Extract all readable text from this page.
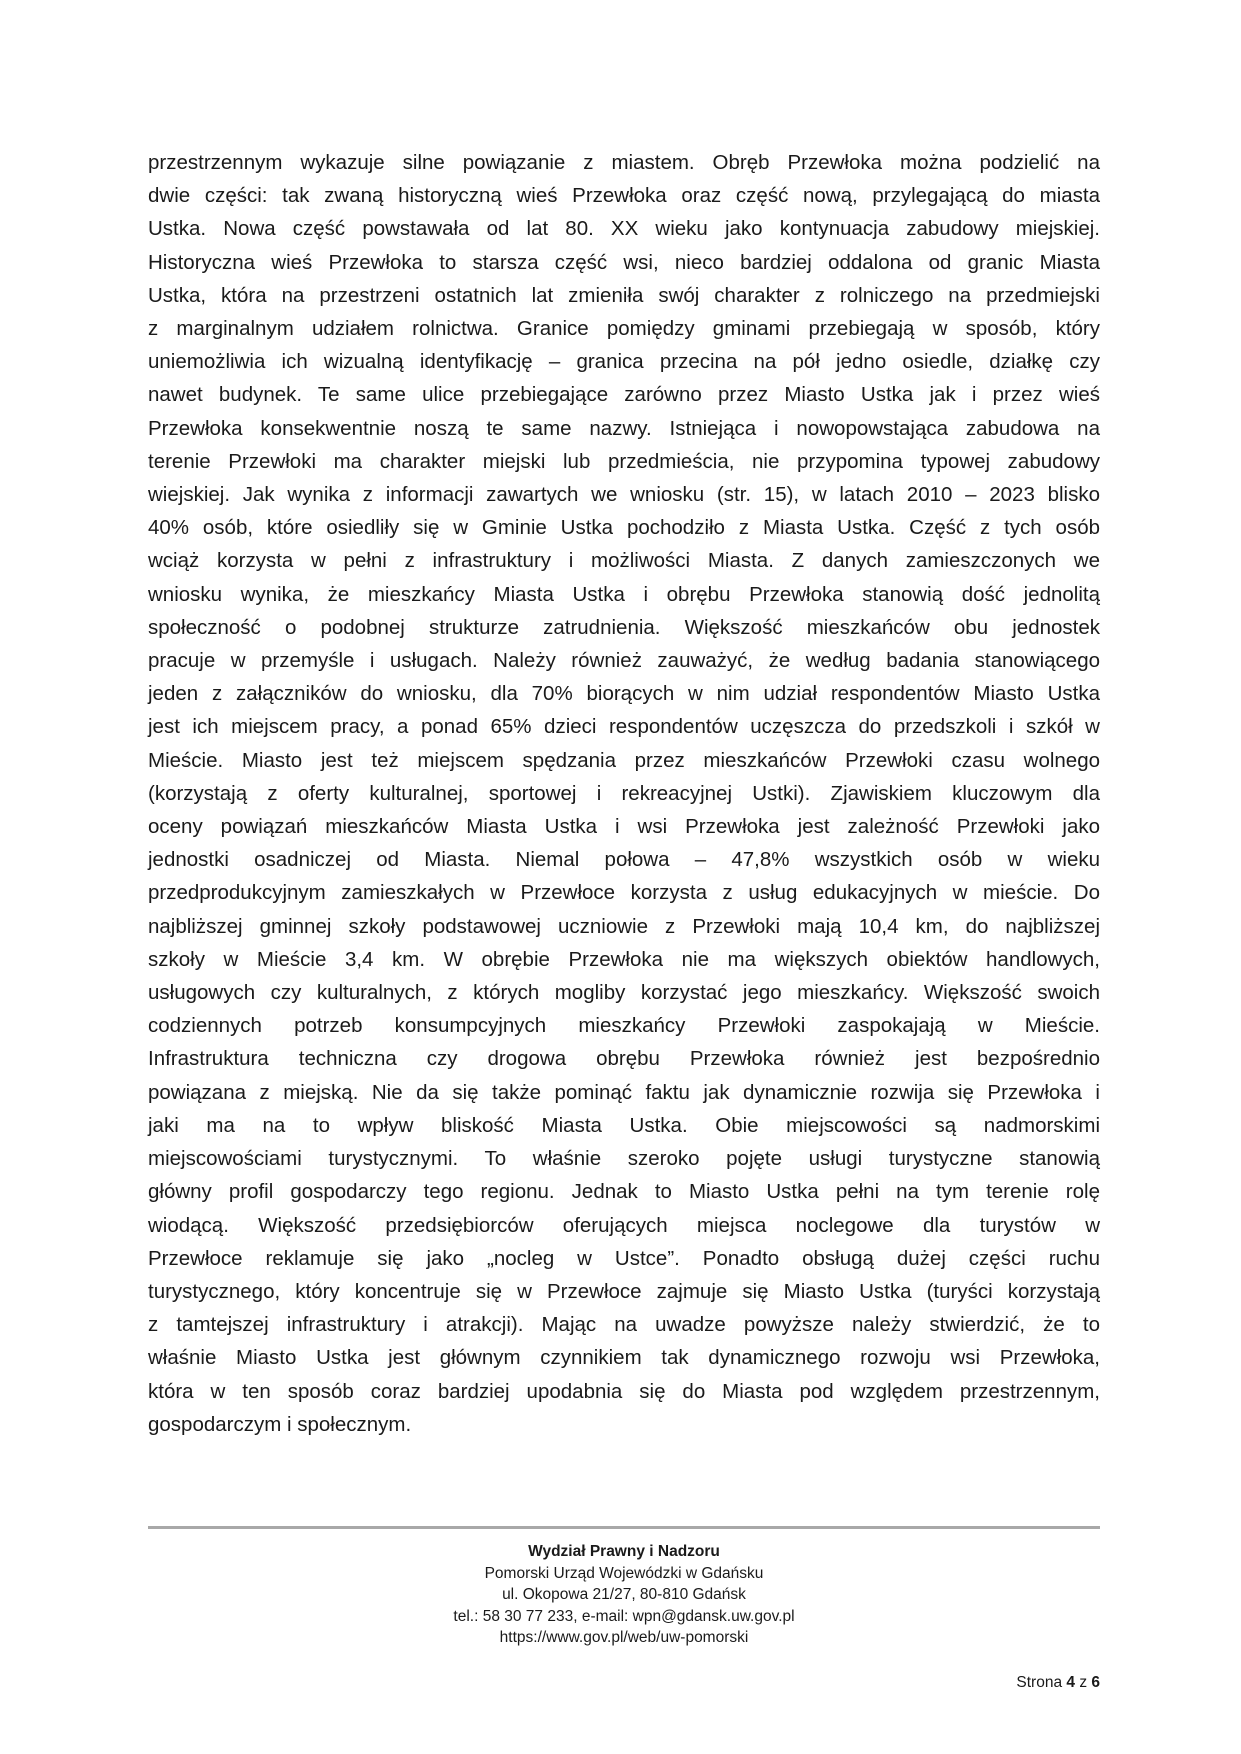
przestrzennym wykazuje silne powiązanie z miastem. Obręb Przewłoka można podzielić na
dwie części: tak zwaną historyczną wieś Przewłoka oraz część nową, przylegającą do miasta
Ustka. Nowa część powstawała od lat 80. XX wieku jako kontynuacja zabudowy miejskiej.
Historyczna wieś Przewłoka to starsza część wsi, nieco bardziej oddalona od granic Miasta
Ustka, która na przestrzeni ostatnich lat zmieniła swój charakter z rolniczego na przedmiejski
z marginalnym udziałem rolnictwa. Granice pomiędzy gminami przebiegają w sposób, który
uniemożliwia ich wizualną identyfikację – granica przecina na pół jedno osiedle, działkę czy
nawet budynek. Te same ulice przebiegające zarówno przez Miasto Ustka jak i przez wieś
Przewłoka konsekwentnie noszą te same nazwy. Istniejąca i nowopowstająca zabudowa na
terenie Przewłoki ma charakter miejski lub przedmieścia, nie przypomina typowej zabudowy
wiejskiej. Jak wynika z informacji zawartych we wniosku (str. 15), w latach 2010 – 2023 blisko
40% osób, które osiedliły się w Gminie Ustka pochodziło z Miasta Ustka. Część z tych osób
wciąż korzysta w pełni z infrastruktury i możliwości Miasta. Z danych zamieszczonych we
wniosku wynika, że mieszkańcy Miasta Ustka i obrębu Przewłoka stanowią dość jednolitą
społeczność o podobnej strukturze zatrudnienia. Większość mieszkańców obu jednostek
pracuje w przemyśle i usługach. Należy również zauważyć, że według badania stanowiącego
jeden z załączników do wniosku, dla 70% biorących w nim udział respondentów Miasto Ustka
jest ich miejscem pracy, a ponad 65% dzieci respondentów uczęszcza do przedszkoli i szkół w
Mieście. Miasto jest też miejscem spędzania przez mieszkańców Przewłoki czasu wolnego
(korzystają z oferty kulturalnej, sportowej i rekreacyjnej Ustki). Zjawiskiem kluczowym dla
oceny powiązań mieszkańców Miasta Ustka i wsi Przewłoka jest zależność Przewłoki jako
jednostki osadniczej od Miasta. Niemal połowa – 47,8% wszystkich osób w wieku
przedprodukcyjnym zamieszkałych w Przewłoce korzysta z usług edukacyjnych w mieście. Do
najbliższej gminnej szkoły podstawowej uczniowie z Przewłoki mają 10,4 km, do najbliższej
szkoły w Mieście 3,4 km. W obrębie Przewłoka nie ma większych obiektów handlowych,
usługowych czy kulturalnych, z których mogliby korzystać jego mieszkańcy. Większość swoich
codziennych potrzeb konsumpcyjnych mieszkańcy Przewłoki zaspokajają w Mieście.
Infrastruktura techniczna czy drogowa obrębu Przewłoka również jest bezpośrednio
powiązana z miejską. Nie da się także pominąć faktu jak dynamicznie rozwija się Przewłoka i
jaki ma na to wpływ bliskość Miasta Ustka. Obie miejscowości są nadmorskimi
miejscowościami turystycznymi. To właśnie szeroko pojęte usługi turystyczne stanowią
główny profil gospodarczy tego regionu. Jednak to Miasto Ustka pełni na tym terenie rolę
wiodącą. Większość przedsiębiorców oferujących miejsca noclegowe dla turystów w
Przewłoce reklamuje się jako „nocleg w Ustce”. Ponadto obsługą dużej części ruchu
turystycznego, który koncentruje się w Przewłoce zajmuje się Miasto Ustka (turyści korzystają
z tamtejszej infrastruktury i atrakcji). Mając na uwadze powyższe należy stwierdzić, że to
właśnie Miasto Ustka jest głównym czynnikiem tak dynamicznego rozwoju wsi Przewłoka,
która w ten sposób coraz bardziej upodabnia się do Miasta pod względem przestrzennym,
gospodarczym i społecznym.
Wydział Prawny i Nadzoru
Pomorski Urząd Wojewódzki w Gdańsku
ul. Okopowa 21/27, 80-810 Gdańsk
tel.: 58 30 77 233, e-mail: wpn@gdansk.uw.gov.pl
https://www.gov.pl/web/uw-pomorski
Strona 4 z 6
